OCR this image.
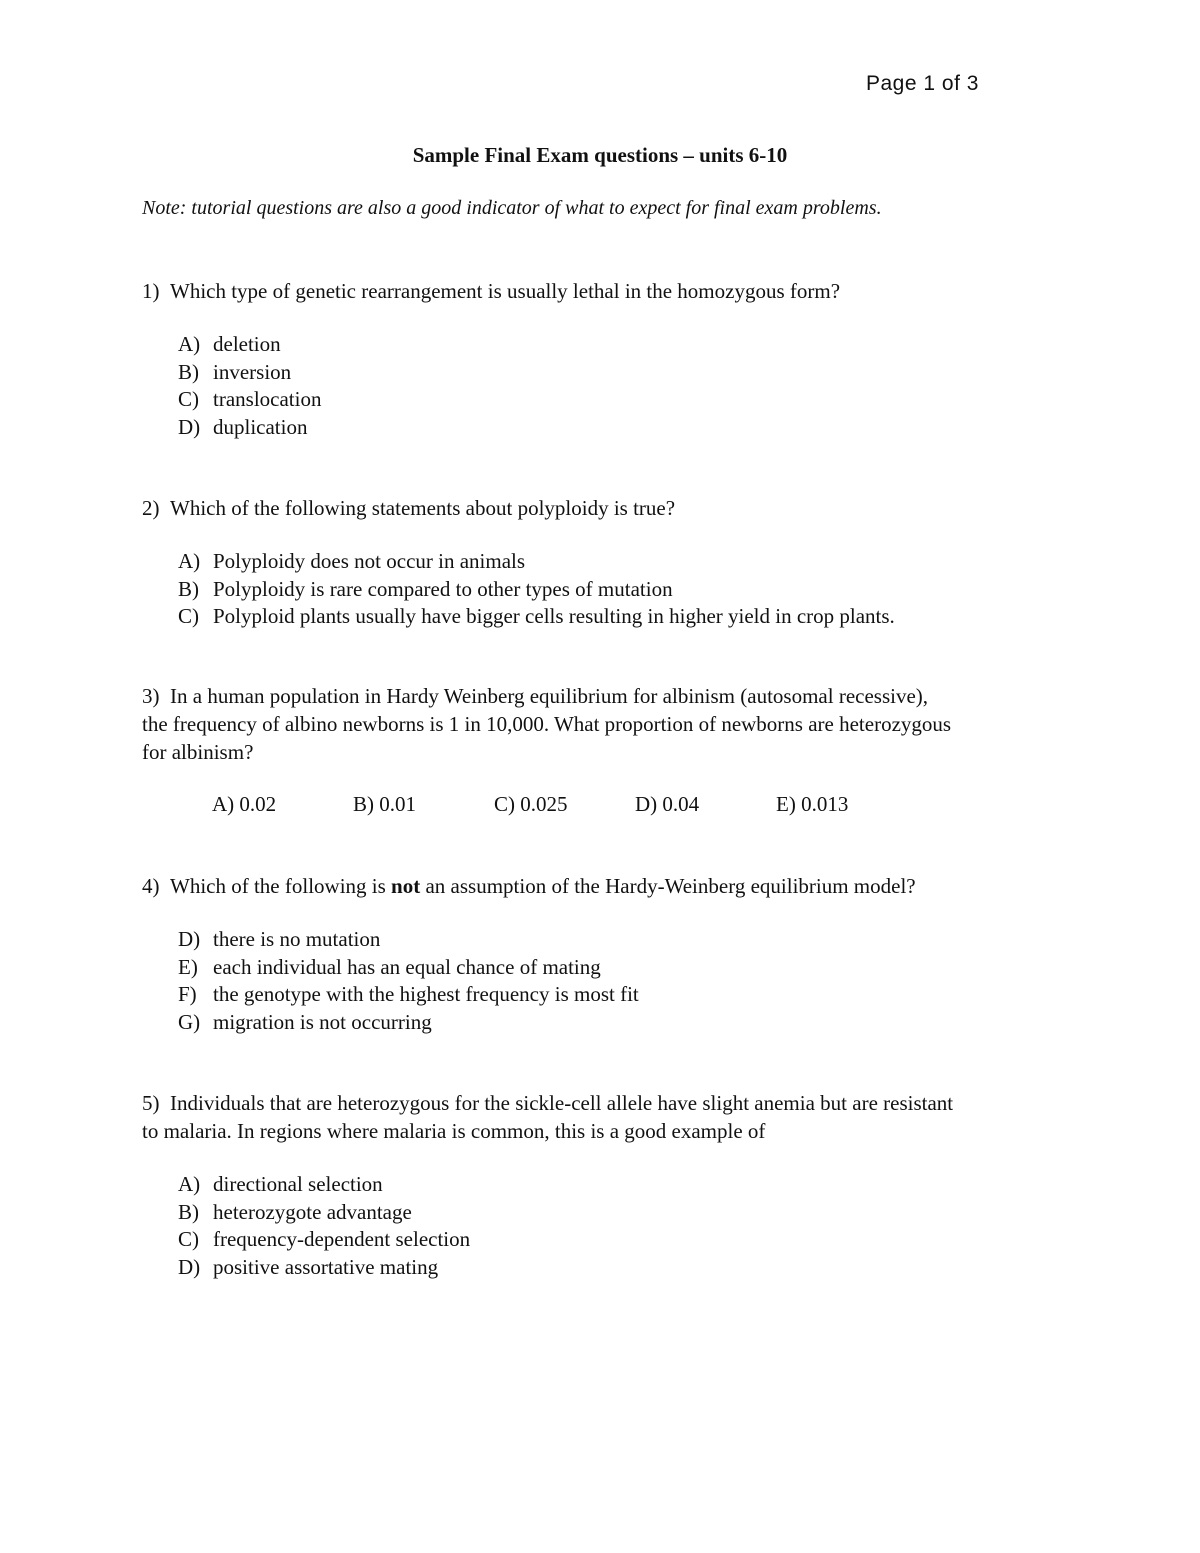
Page 1 of 3
Sample Final Exam questions – units 6-10
Note: tutorial questions are also a good indicator of what to expect for final exam problems.

1) Which type of genetic rearrangement is usually lethal in the homozygous form?

A) deletion
B) inversion
C) translocation
D) duplication

2) Which of the following statements about polyploidy is true?

A) Polyploidy does not occur in animals
B) Polyploidy is rare compared to other types of mutation
C) Polyploid plants usually have bigger cells resulting in higher yield in crop plants.

3) In a human population in Hardy Weinberg equilibrium for albinism (autosomal recessive),
the frequency of albino newborns is 1 in 10,000. What proportion of newborns are heterozygous
for albinism?

A) 0.02	B) 0.01	C) 0.025	D) 0.04	E) 0.013

4) Which of the following is not an assumption of the Hardy-Weinberg equilibrium model?

D) there is no mutation
E) each individual has an equal chance of mating
F) the genotype with the highest frequency is most fit
G) migration is not occurring

5) Individuals that are heterozygous for the sickle-cell allele have slight anemia but are resistant
to malaria. In regions where malaria is common, this is a good example of

A) directional selection
B) heterozygote advantage
C) frequency-dependent selection
D) positive assortative mating
